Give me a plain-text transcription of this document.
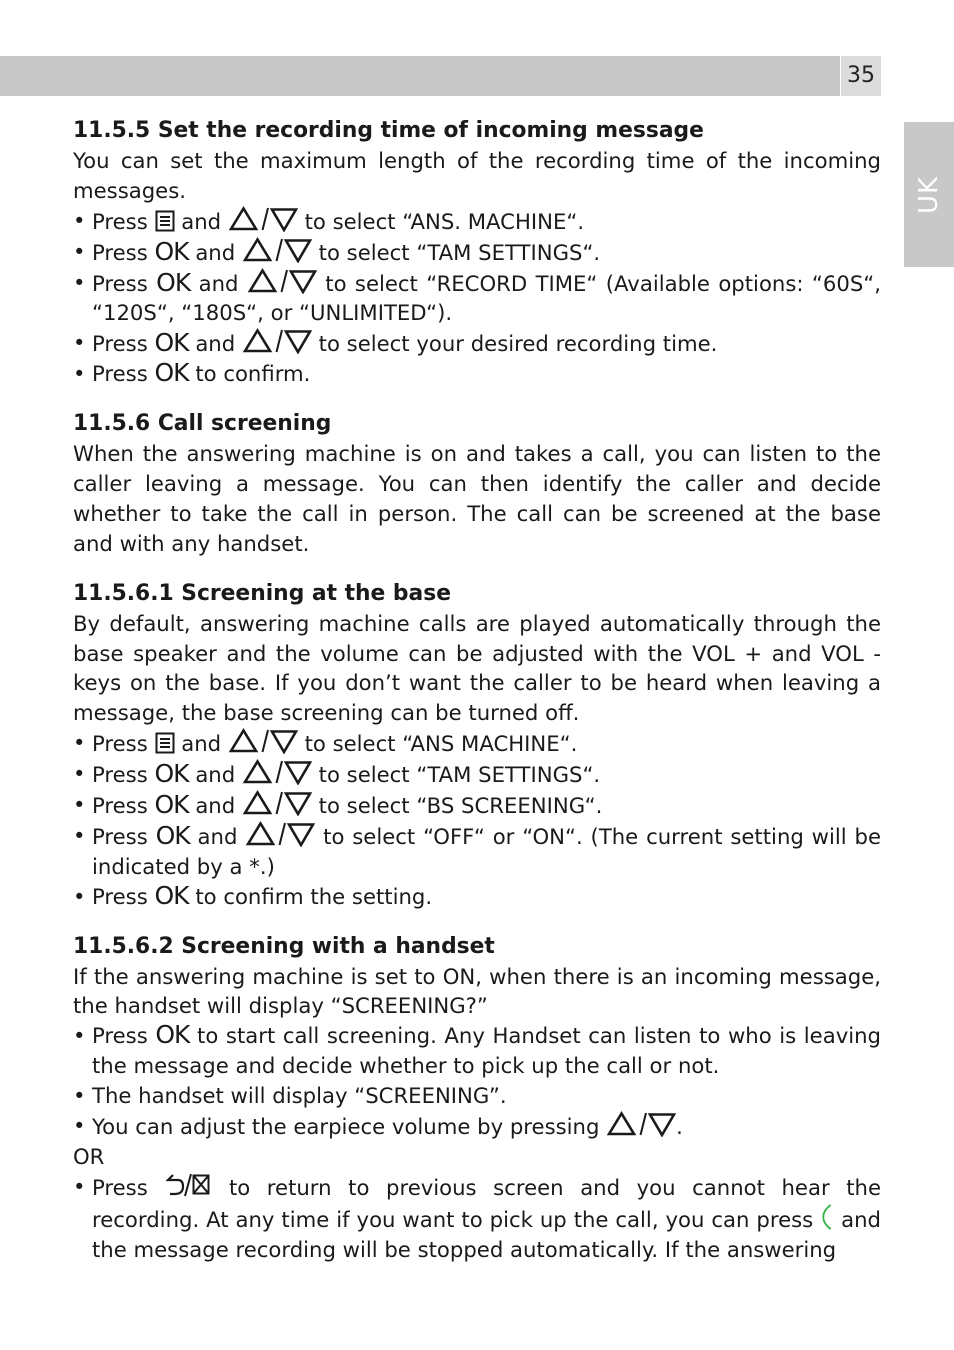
35
UK

11.5.5 Set the recording time of incoming message

You can set the maximum length of the recording time of the incoming messages.

• Press  and	to select “ANS. MACHINE“.

• Press OK and	to select “TAM SETTINGS“.

• Press OK and	to select “RECORD TIME“ (Available options: “60S“, “120S“, “180S“, or “UNLIMITED“).

• Press OK and	to select your desired recording time.

• Press OK to confirm.

11.5.6 Call screening

When the answering machine is on and takes a call, you can listen to the caller leaving a message. You can then identify the caller and decide whether to take the call in person. The call can be screened at the base and with any handset.

11.5.6.1 Screening at the base

By default, answering machine calls are played automatically through the base speaker and the volume can be adjusted with the VOL + and VOL - keys on the base. If you don’t want the caller to be heard when leaving a message, the base screening can be turned off.

• Press  and	to select “ANS MACHINE“.

• Press OK and	to select “TAM SETTINGS“.

• Press OK and	to select “BS SCREENING“.

• Press OK and	to select “OFF“ or “ON“. (The current setting will be indicated by a *.)

• Press OK to confirm the setting.

11.5.6.2 Screening with a handset

If the answering machine is set to ON, when there is an incoming message, the handset will display “SCREENING?”

• Press OK to start call screening. Any Handset can listen to who is leaving the message and decide whether to pick up the call or not.

• The handset will display “SCREENING”.

• You can adjust the earpiece volume by pressing	.

OR

• Press  to return to previous screen and you cannot hear the recording. At any time if you want to pick up the call, you can press  and the message recording will be stopped automatically. If the answering
